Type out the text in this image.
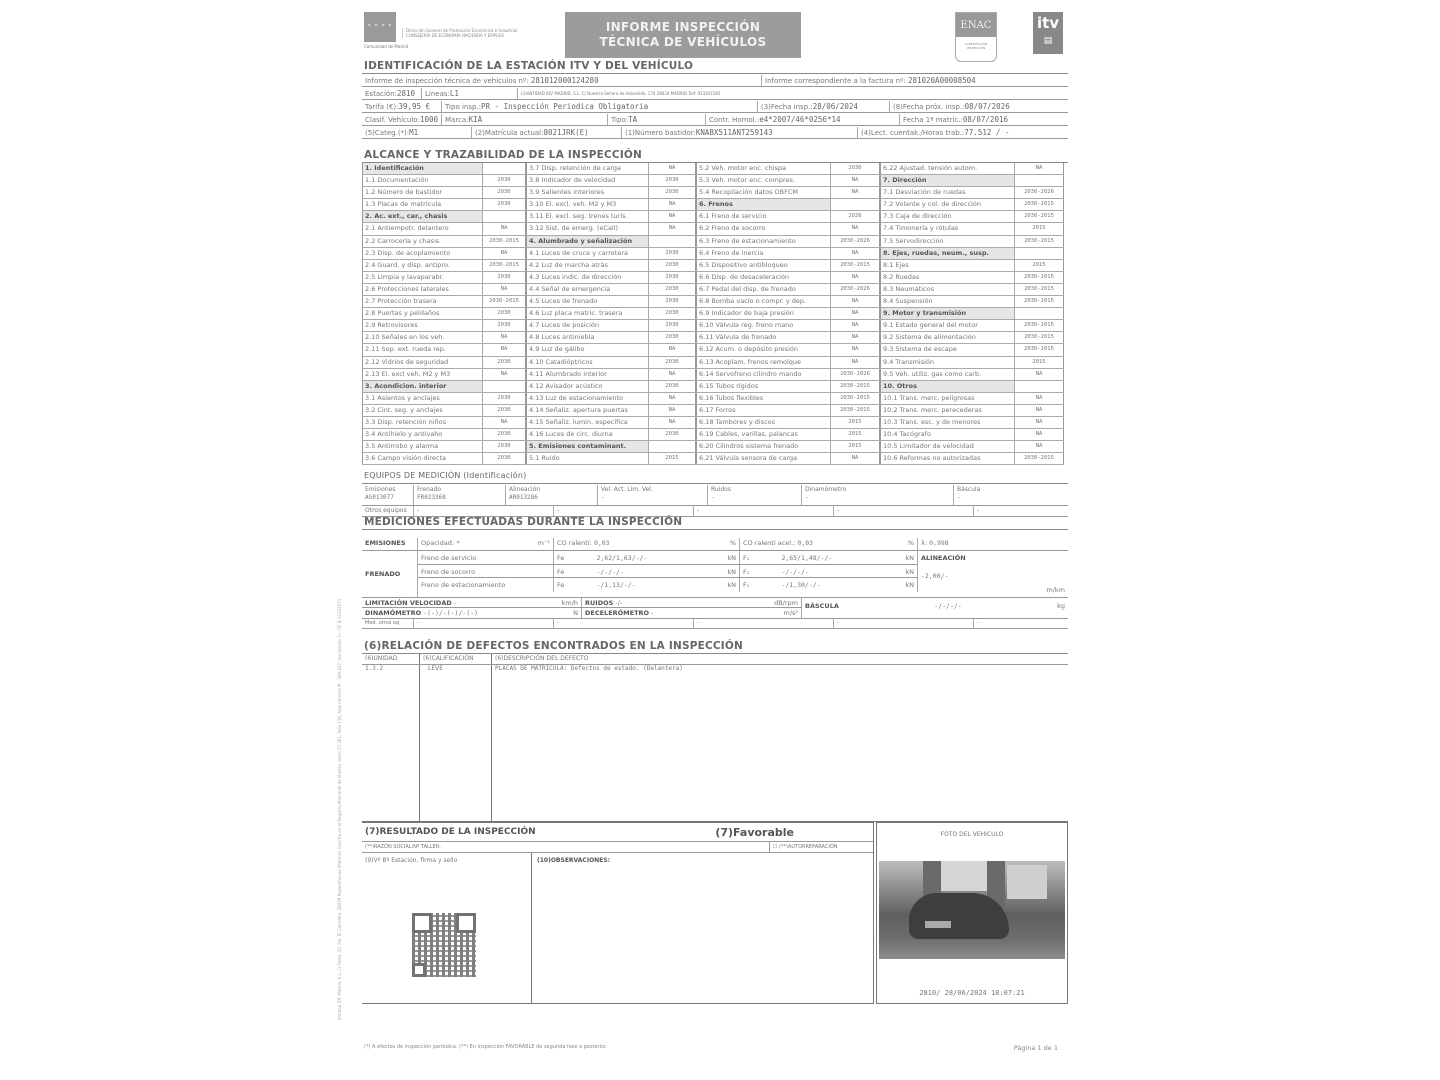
Entidad IDF Madrid, S.L. C/ Fresa, 10. Pol. El Carralero. 28029 Majadahonda (Madrid). Inscrita en el Registro Mercantil de Madrid, tomo 17.361, folio 116, hoja número M - 306.437, inscripción 1ª. CIF B-12332071
* * * *
Comunidad de Madrid
Dirección General de Promoción Económica e Industrial
CONSEJERÍA DE ECONOMÍA HACIENDA Y EMPLEO
INFORME INSPECCIÓN
TÉCNICA DE VEHÍCULOS
ENAC
ACREDITACIÓN INSPECCIÓN
itv
▤
IDENTIFICACIÓN DE LA ESTACIÓN ITV Y DEL VEHÍCULO
Informe de inspección técnica de vehículos nº: 281012000124280	Informe correspondiente a la factura nº: 281020A00008504
Estación:2810	Líneas:L1	(3)ANTIDAD IDV MADRID, S.L. C/ Nuestra Señora de Valvanida, 174 28034 MADRID Telf: 913347285
Tarifa (€):39,95 €	Tipo insp.:PR - Inspección Periodica Obligatoria	(3)Fecha insp.:28/06/2024	(8)Fecha próx. insp.:08/07/2026
Clasif. Vehículo:1000	Marca:KIA	Tipo:TA	Contr. Homol.:e4*2007/46*0256*14	Fecha 1ª matric.:08/07/2016
(5)Categ.(*):M1	(2)Matrícula actual:8021JRK(E)	(1)Número bastidor:KNABX511ANT259143	(4)Lect. cuentak./Horas trab.:77.512 / -
ALCANCE Y TRAZABILIDAD DE LA INSPECCIÓN
1. Identificación
1.1 Documentación	2030
1.2 Número de bastidor	2030
1.3 Placas de matrícula	2030
2. Ac. ext., car., chasis
2.1 Antiempotr. delantero	NA
2.2 Carrocería y chasis	2030-2015
2.3 Disp. de acoplamiento	NA
2.4 Guard. y disp. antipro.	2030-2015
2.5 Limpia y lavaparabr.	2030
2.6 Protecciones laterales	NA
2.7 Protección trasera	2030-2015
2.8 Puertas y peldaños	2030
2.9 Retrovisores	2030
2.10 Señales en los veh.	NA
2.11 Sop. ext. rueda rep.	NA
2.12 Vidrios de seguridad	2030
2.13 El. excl veh. M2 y M3	NA
3. Acondicion. interior
3.1 Asientos y anclajes	2030
3.2 Cint. seg. y anclajes	2030
3.3 Disp. retención niños	NA
3.4 Antihielo y antivaho	2030
3.5 Antirrobo y alarma	2030
3.6 Campo visión directa	2030
3.7 Disp. retención de carga	NA
3.8 Indicador de velocidad	2030
3.9 Salientes interiores	2030
3.10 El. excl. veh. M2 y M3	NA
3.11 El. excl. seg. trenes turís.	NA
3.12 Sist. de emerg. (eCall)	NA
4. Alumbrado y señalización
4.1 Luces de cruce y carretera	2030
4.2 Luz de marcha atrás	2030
4.3 Luces indic. de dirección	2030
4.4 Señal de emergencia	2030
4.5 Luces de frenado	2030
4.6 Luz placa matric. trasera	2030
4.7 Luces de posición	2030
4.8 Luces antiniebla	2030
4.9 Luz de gálibo	NA
4.10 Catadióptricos	2030
4.11 Alumbrado interior	NA
4.12 Avisador acústico	2030
4.13 Luz de estacionamiento	NA
4.14 Señaliz. apertura puertas	NA
4.15 Señaliz. lumin. específica	NA
4.16 Luces de circ. diurna	2030
5. Emisiones contaminant.
5.1 Ruido	2015
5.2 Veh. motor enc. chispa	2030
5.3 Veh. motor enc. compres.	NA
5.4 Recopilación datos OBFCM	NA
6. Frenos
6.1 Freno de servicio	2026
6.2 Freno de socorro	NA
6.3 Freno de estacionamiento	2030-2026
6.4 Freno de inercia	NA
6.5 Dispositivo antibloqueo	2030-2015
6.6 Disp. de desaceleración	NA
6.7 Pedal del disp. de frenado	2030-2026
6.8 Bomba vacío o compr. y dep.	NA
6.9 Indicador de baja presión	NA
6.10 Válvula reg. freno mano	NA
6.11 Válvula de frenado	NA
6.12 Acum. o depósito presión	NA
6.13 Acoplam. frenos remolque	NA
6.14 Servofreno cilindro mando	2030-2026
6.15 Tubos rígidos	2030-2015
6.16 Tubos flexibles	2030-2015
6.17 Forros	2030-2015
6.18 Tambores y discos	2015
6.19 Cables, varillas, palancas	2015
6.20 Cilindros sistema frenado	2015
6.21 Válvula sensora de carga	NA
6.22 Ajustad. tensión autom.	NA
7. Dirección
7.1 Desviación de ruedas	2030-2026
7.2 Volante y col. de dirección	2030-2015
7.3 Caja de dirección	2030-2015
7.4 Timonería y rótulas	2015
7.5 Servodirección	2030-2015
8. Ejes, ruedas, neum., susp.
8.1 Ejes	2015
8.2 Ruedas	2030-2015
8.3 Neumáticos	2030-2015
8.4 Suspensión	2030-2015
9. Motor y transmisión
9.1 Estado general del motor	2030-2015
9.2 Sistema de alimentación	2030-2015
9.3 Sistema de escape	2030-2015
9.4 Transmisión	2015
9.5 Veh. utiliz. gas como carb.	NA
10. Otros
10.1 Trans. merc. peligrosas	NA
10.2 Trans. merc. perecederas	NA
10.3 Trans. esc. y de menores	NA
10.4 Tacógrafo	NA
10.5 Limitador de velocidad	NA
10.6 Reformas no autorizadas	2030-2015
EQUIPOS DE MEDICIÓN (Identificación)
Emisiones
AG013077
Frenado
FR023368
Alineación
AR013286
Vel. Act. Lim. Vel.
-
Ruidos
-
Dinamómetro
-
Báscula
-
Otros equipos	-	-	-	-	-
MEDICIONES EFECTUADAS DURANTE LA INSPECCIÓN
EMISIONES	Opacidad: *	m⁻¹	CO ralentí: 0,03	%	CO ralentí acel.: 0,03	%	λ: 0,998
FRENADO
Freno de servicio	Fe	2,62/1,63/-/-	kN	F₁	2,65/1,48/-/-	kN
Freno de socorro	Fe	-/-/-/-	kN	F₁	-/-/-/-	kN
Freno de estacionamiento	Fe	-/1,13/-/-	kN	F₁	-/1,30/-/-	kN
ALINEACIÓN
-2,00/-
m/km
LIMITACIÓN VELOCIDAD -	km/h	RUIDOS -/-	dB/rpm
DINAMÓMETRO -(-)/-(-)/-(-)	N	DECELERÓMETRO -	m/s²
BÁSCULA	-/-/-/-	kg
Med. otros eq.	-	-	-	-	-
(6)RELACIÓN DE DEFECTOS ENCONTRADOS EN LA INSPECCIÓN
(6)UNIDAD	(6)CALIFICACIÓN	(6)DESCRIPCIÓN DEL DEFECTO
1.3.2	LEVE	PLACAS DE MATRÍCULA: Defectos de estado. (Delantera)
(7)RESULTADO DE LA INSPECCIÓN	(7)Favorable
(**)RAZÓN SOCIAL/Nº TALLER:	☐ (**)AUTORREPARACIÓN
(9)Vº Bº Estación, firma y sello	(10)OBSERVACIONES:
FOTO DEL VEHÍCULO
2810/ 28/06/2024 18:07:21
(*) A efectos de inspección periódica. (**) En inspección FAVORABLE de segunda fase o posterior.	Página 1 de 1
